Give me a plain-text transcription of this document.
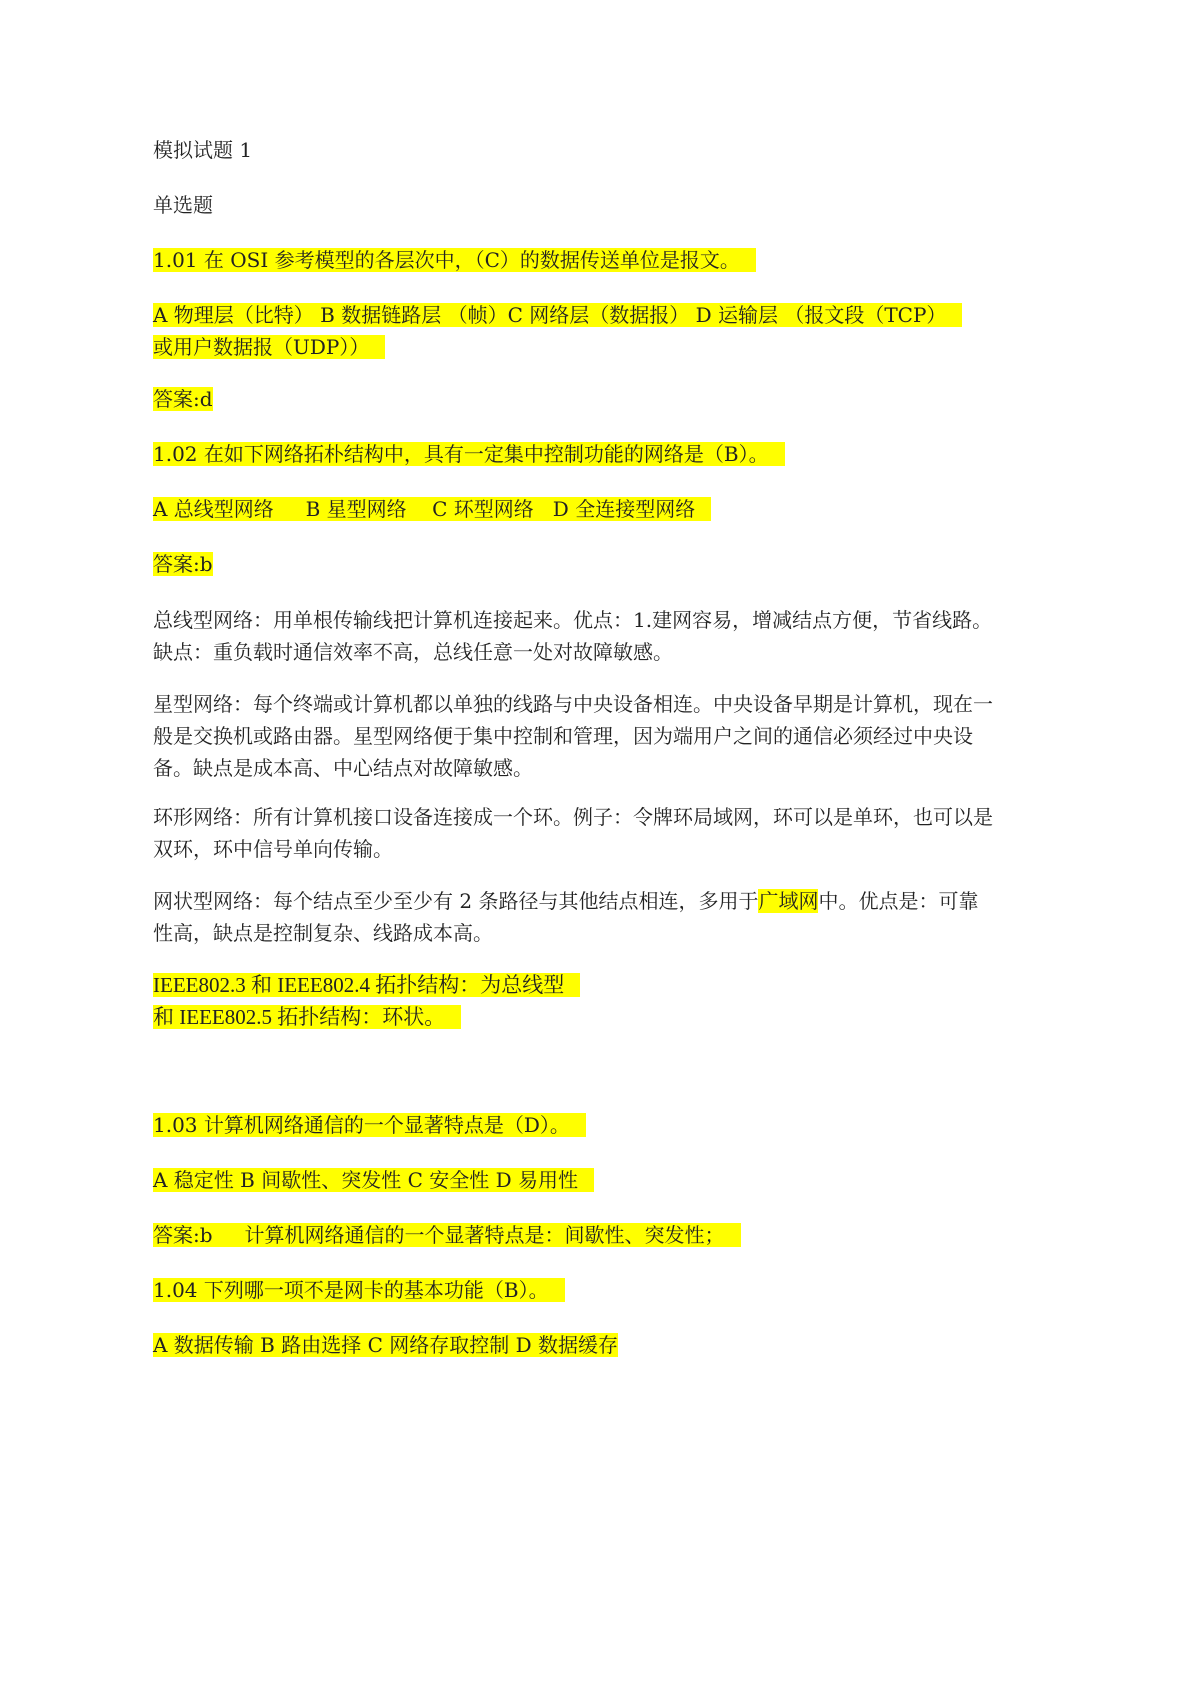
模拟试题 1

单选题

1.01 在 OSI 参考模型的各层次中，（C）的数据传送单位是报文。

A 物理层（比特） B 数据链路层 （帧）C 网络层（数据报） D 运输层 （报文段（TCP）
或用户数据报（UDP））

答案:d

1.02 在如下网络拓朴结构中，具有一定集中控制功能的网络是（B）。

A 总线型网络     B 星型网络    C 环型网络   D 全连接型网络

答案:b

总线型网络：用单根传输线把计算机连接起来。优点：1.建网容易，增减结点方便，节省线路。缺点：重负载时通信效率不高，总线任意一处对故障敏感。

星型网络：每个终端或计算机都以单独的线路与中央设备相连。中央设备早期是计算机，现在一般是交换机或路由器。星型网络便于集中控制和管理，因为端用户之间的通信必须经过中央设备。缺点是成本高、中心结点对故障敏感。

环形网络：所有计算机接口设备连接成一个环。例子：令牌环局域网，环可以是单环，也可以是双环，环中信号单向传输。

网状型网络：每个结点至少至少有 2 条路径与其他结点相连，多用于广域网中。优点是：可靠性高，缺点是控制复杂、线路成本高。

IEEE802.3 和 IEEE802.4 拓扑结构：为总线型
和 IEEE802.5 拓扑结构：环状。

1.03 计算机网络通信的一个显著特点是（D）。

A 稳定性 B 间歇性、突发性 C 安全性 D 易用性

答案:b 计算机网络通信的一个显著特点是：间歇性、突发性；

1.04 下列哪一项不是网卡的基本功能（B）。

A 数据传输 B 路由选择 C 网络存取控制 D 数据缓存
